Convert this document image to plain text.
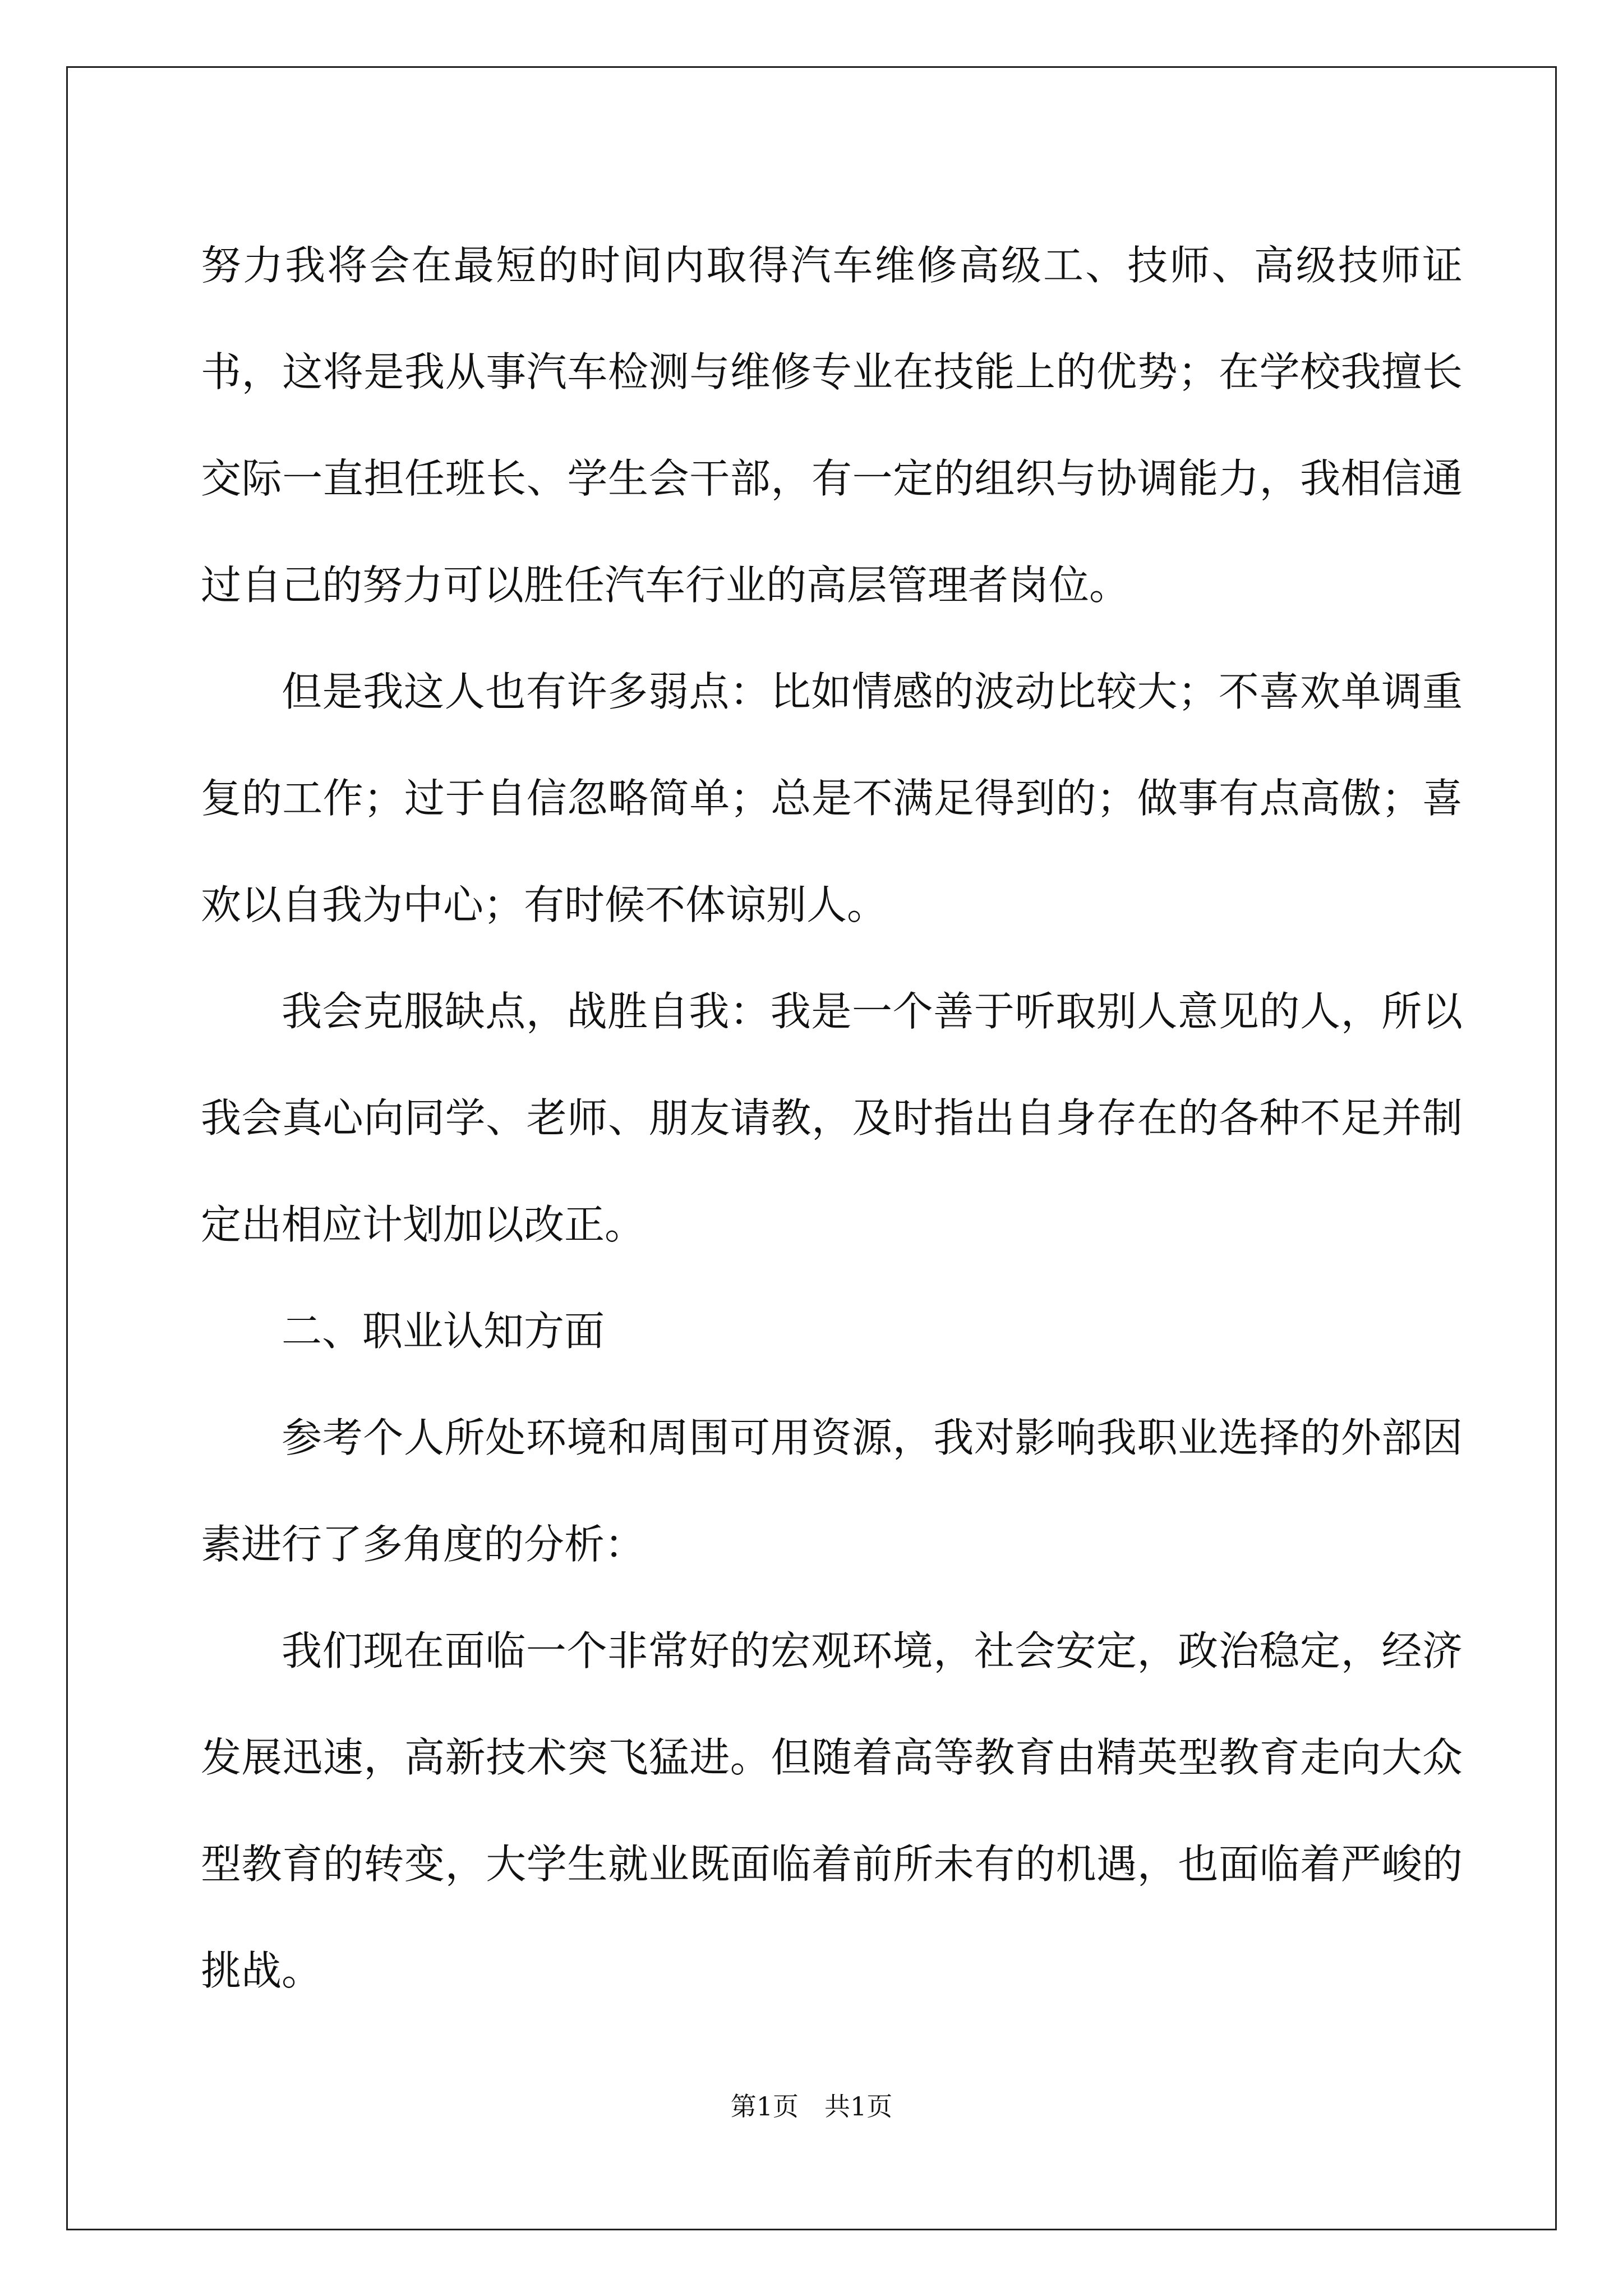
努力我将会在最短的时间内取得汽车维修高级工、技师、高级技师证书，这将是我从事汽车检测与维修专业在技能上的优势；在学校我擅长交际一直担任班长、学生会干部，有一定的组织与协调能力，我相信通过自己的努力可以胜任汽车行业的高层管理者岗位。

但是我这人也有许多弱点：比如情感的波动比较大；不喜欢单调重复的工作；过于自信忽略简单；总是不满足得到的；做事有点高傲；喜欢以自我为中心；有时候不体谅别人。

我会克服缺点，战胜自我：我是一个善于听取别人意见的人，所以我会真心向同学、老师、朋友请教，及时指出自身存在的各种不足并制定出相应计划加以改正。

二、职业认知方面

参考个人所处环境和周围可用资源，我对影响我职业选择的外部因素进行了多角度的分析：

我们现在面临一个非常好的宏观环境，社会安定，政治稳定，经济发展迅速，高新技术突飞猛进。但随着高等教育由精英型教育走向大众型教育的转变，大学生就业既面临着前所未有的机遇，也面临着严峻的挑战。

第1页 共1页
